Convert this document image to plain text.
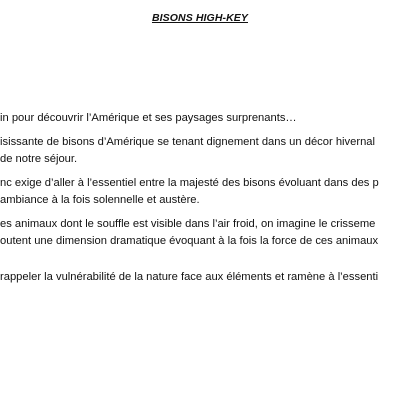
BISONS HIGH-KEY
in pour découvrir l’Amérique et ses paysages surprenants…
isissante de bisons d’Amérique se tenant dignement dans un décor hivernal
de notre séjour.
nc exige d’aller à l’essentiel entre la majesté des bisons évoluant dans des p
ambiance à la fois solennelle et austère.
es animaux dont le souffle est visible dans l’air froid, on imagine le crisseme
outent une dimension dramatique évoquant à la fois la force de ces animaux
rappeler la vulnérabilité de la nature face aux éléments et ramène à l’essenti
